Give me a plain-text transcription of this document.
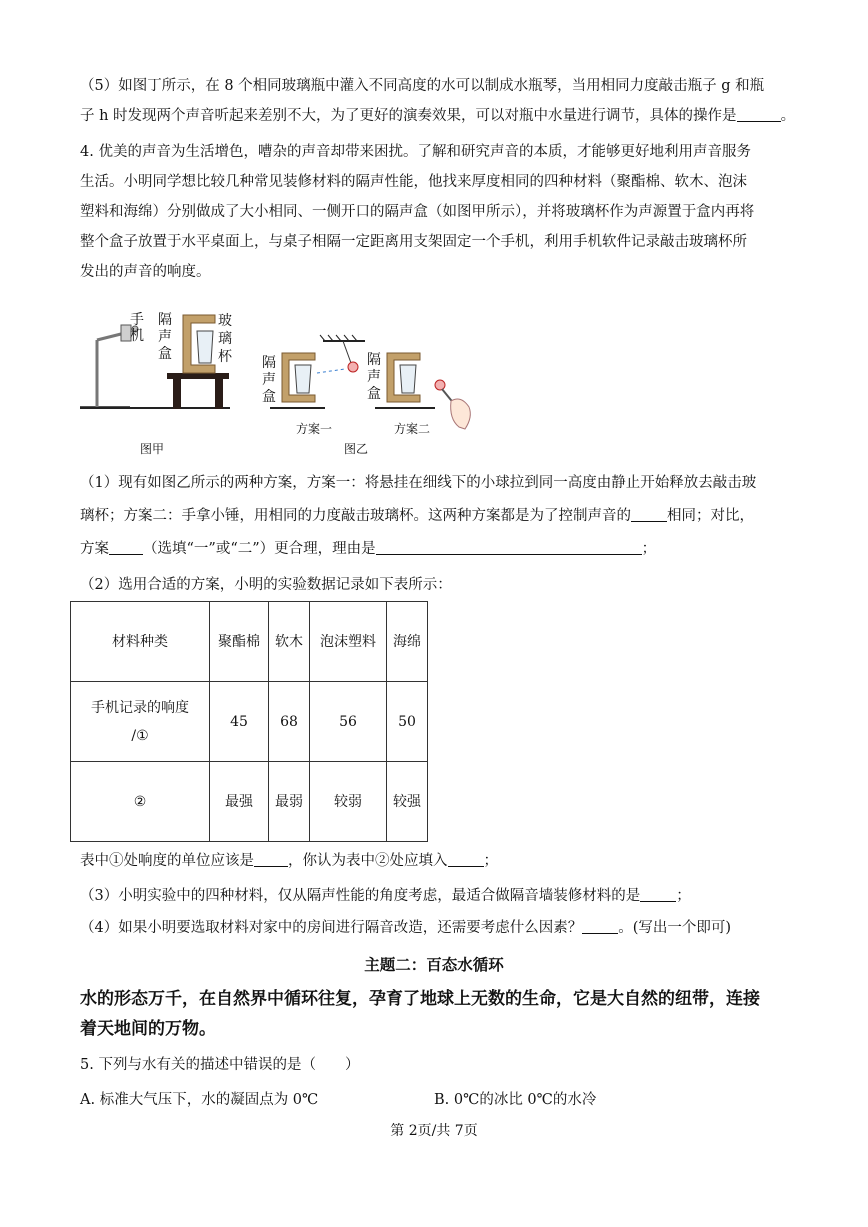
（5）如图丁所示，在 8 个相同玻璃瓶中灌入不同高度的水可以制成水瓶琴，当用相同力度敲击瓶子 g 和瓶
子 h 时发现两个声音听起来差别不大，为了更好的演奏效果，可以对瓶中水量进行调节，具体的操作是	。
4. 优美的声音为生活增色，嘈杂的声音却带来困扰。了解和研究声音的本质，才能够更好地利用声音服务
生活。小明同学想比较几种常见装修材料的隔声性能，他找来厚度相同的四种材料（聚酯棉、软木、泡沫
塑料和海绵）分别做成了大小相同、一侧开口的隔声盒（如图甲所示），并将玻璃杯作为声源置于盒内再将
整个盒子放置于水平桌面上，与桌子相隔一定距离用支架固定一个手机，利用手机软件记录敲击玻璃杯所
发出的声音的响度。
手机
隔声盒
玻璃杯 隔声盒
隔声盒
图甲
方案一	方案二
图乙
（1）现有如图乙所示的两种方案，方案一：将悬挂在细线下的小球拉到同一高度由静止开始释放去敲击玻
璃杯；方案二：手拿小锤，用相同的力度敲击玻璃杯。这两种方案都是为了控制声音的 相同；对比，
方案 （选填“一”或“二”）更合理，理由是	；
（2）选用合适的方案，小明的实验数据记录如下表所示：
材料种类	聚酯棉	软木	泡沫塑料	海绵

手机记录的响度
/①	45	68	56	50
②	最强	最弱	较弱	较强
表中①处响度的单位应该是 ，你认为表中②处应填入 ；
（3）小明实验中的四种材料，仅从隔声性能的角度考虑，最适合做隔音墙装修材料的是 ；
（4）如果小明要选取材料对家中的房间进行隔音改造，还需要考虑什么因素？ 。(写出一个即可)
主题二：百态水循环
水的形态万千，在自然界中循环往复，孕育了地球上无数的生命，它是大自然的纽带，连接
着天地间的万物。
5. 下列与水有关的描述中错误的是（　　）
A. 标准大气压下，水的凝固点为 0℃	B. 0℃的冰比 0℃的水冷
第 2页/共 7页
